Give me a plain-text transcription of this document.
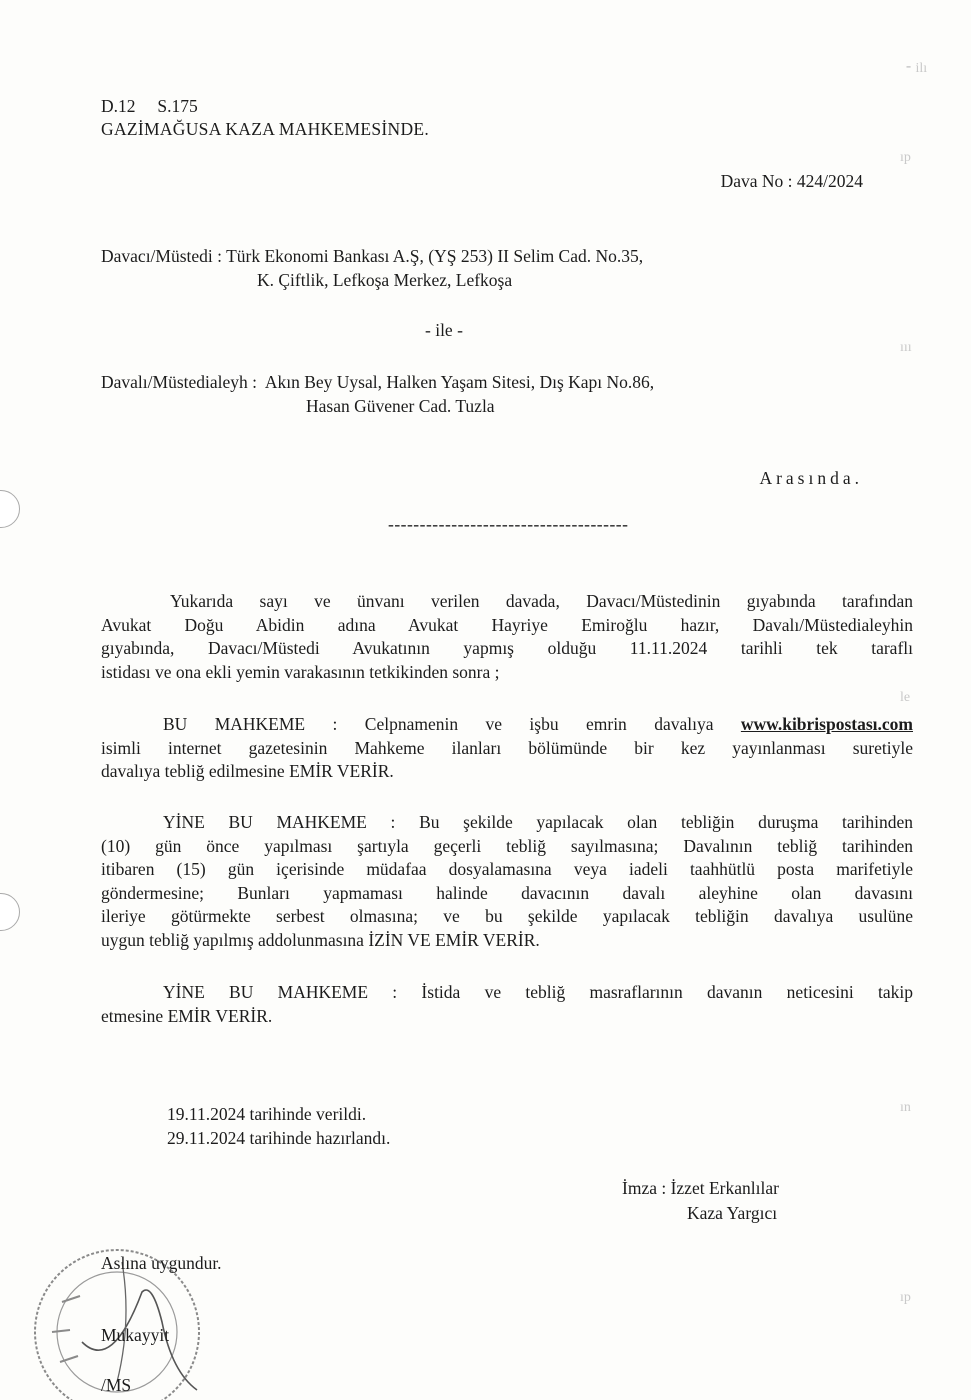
⁃ ilı
ıp
ııı
le
ın
ıp
D.12 S.175
GAZİMAĞUSA KAZA MAHKEMESİNDE.
Dava No : 424/2024
Davacı/Müstedi : Türk Ekonomi Bankası A.Ş, (YŞ 253) II Selim Cad. No.35,
K. Çiftlik, Lefkoşa Merkez, Lefkoşa
- ile -
Davalı/Müstedialeyh : Akın Bey Uysal, Halken Yaşam Sitesi, Dış Kapı No.86,
Hasan Güvener Cad. Tuzla
Arasında.
--------------------------------------
Yukarıda sayı ve ünvanı verilen davada, Davacı/Müstedinin gıyabında tarafından
Avukat Doğu Abidin adına Avukat Hayriye Emiroğlu hazır, Davalı/Müstedialeyhin
gıyabında, Davacı/Müstedi Avukatının yapmış olduğu 11.11.2024 tarihli tek taraflı
istidası ve ona ekli yemin varakasının tetkikinden sonra ;
BU MAHKEME : Celpnamenin ve işbu emrin davalıya www.kibrispostası.com
isimli internet gazetesinin Mahkeme ilanları bölümünde bir kez yayınlanması suretiyle
davalıya tebliğ edilmesine EMİR VERİR.
YİNE BU MAHKEME : Bu şekilde yapılacak olan tebliğin duruşma tarihinden
(10) gün önce yapılması şartıyla geçerli tebliğ sayılmasına; Davalının tebliğ tarihinden
itibaren (15) gün içerisinde müdafaa dosyalamasına veya iadeli taahhütlü posta marifetiyle
göndermesine; Bunları yapmaması halinde davacının davalı aleyhine olan davasını
ileriye götürmekte serbest olmasına; ve bu şekilde yapılacak tebliğin davalıya usulüne
uygun tebliğ yapılmış addolunmasına İZİN VE EMİR VERİR.
YİNE BU MAHKEME : İstida ve tebliğ masraflarının davanın neticesini takip
etmesine EMİR VERİR.
19.11.2024 tarihinde verildi.
29.11.2024 tarihinde hazırlandı.
İmza : İzzet Erkanlılar
Kaza Yargıcı
Aslına uygundur.
Mukayyit
/MS
